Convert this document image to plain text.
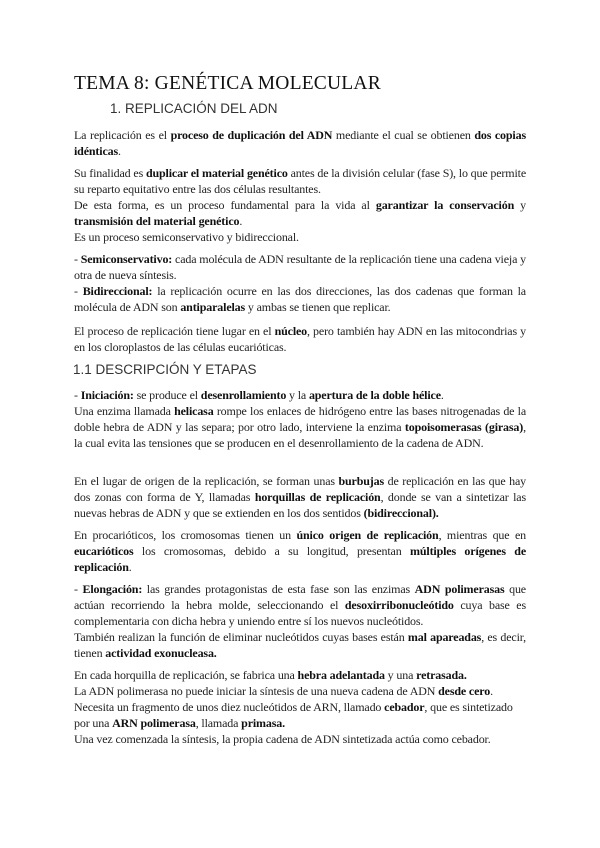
TEMA 8: GENÉTICA MOLECULAR
1. REPLICACIÓN DEL ADN

La replicación es el proceso de duplicación del ADN mediante el cual se obtienen dos copias idénticas.

Su finalidad es duplicar el material genético antes de la división celular (fase S), lo que permite su reparto equitativo entre las dos células resultantes.
De esta forma, es un proceso fundamental para la vida al garantizar la conservación y transmisión del material genético.
Es un proceso semiconservativo y bidireccional.

- Semiconservativo: cada molécula de ADN resultante de la replicación tiene una cadena vieja y otra de nueva síntesis.
- Bidireccional: la replicación ocurre en las dos direcciones, las dos cadenas que forman la molécula de ADN son antiparalelas y ambas se tienen que replicar.

El proceso de replicación tiene lugar en el núcleo, pero también hay ADN en las mitocondrias y en los cloroplastos de las células eucarióticas.

1.1 DESCRIPCIÓN Y ETAPAS

- Iniciación: se produce el desenrollamiento y la apertura de la doble hélice.
Una enzima llamada helicasa rompe los enlaces de hidrógeno entre las bases nitrogenadas de la doble hebra de ADN y las separa; por otro lado, interviene la enzima topoisomerasas (girasa), la cual evita las tensiones que se producen en el desenrollamiento de la cadena de ADN.

En el lugar de origen de la replicación, se forman unas burbujas de replicación en las que hay dos zonas con forma de Y, llamadas horquillas de replicación, donde se van a sintetizar las nuevas hebras de ADN y que se extienden en los dos sentidos (bidireccional).

En procarióticos, los cromosomas tienen un único origen de replicación, mientras que en eucarióticos los cromosomas, debido a su longitud, presentan múltiples orígenes de replicación.

- Elongación: las grandes protagonistas de esta fase son las enzimas ADN polimerasas que actúan recorriendo la hebra molde, seleccionando el desoxirribonucleótido cuya base es complementaria con dicha hebra y uniendo entre sí los nuevos nucleótidos.
También realizan la función de eliminar nucleótidos cuyas bases están mal apareadas, es decir, tienen actividad exonucleasa.

En cada horquilla de replicación, se fabrica una hebra adelantada y una retrasada.
La ADN polimerasa no puede iniciar la síntesis de una nueva cadena de ADN desde cero.
Necesita un fragmento de unos diez nucleótidos de ARN, llamado cebador, que es sintetizado por una ARN polimerasa, llamada primasa.
Una vez comenzada la síntesis, la propia cadena de ADN sintetizada actúa como cebador.
